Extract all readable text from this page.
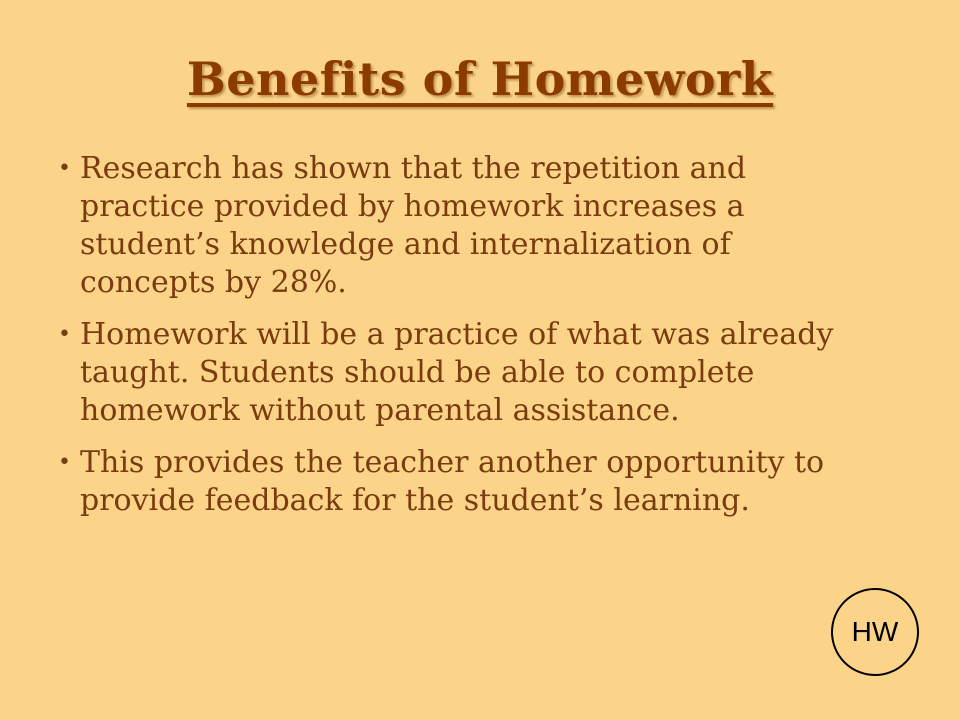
Benefits of Homework
• Research has shown that the repetition and practice provided by homework increases a student’s knowledge and internalization of concepts by 28%.
• Homework will be a practice of what was already taught. Students should be able to complete homework without parental assistance.
• This provides the teacher another opportunity to provide feedback for the student’s learning.
HW
